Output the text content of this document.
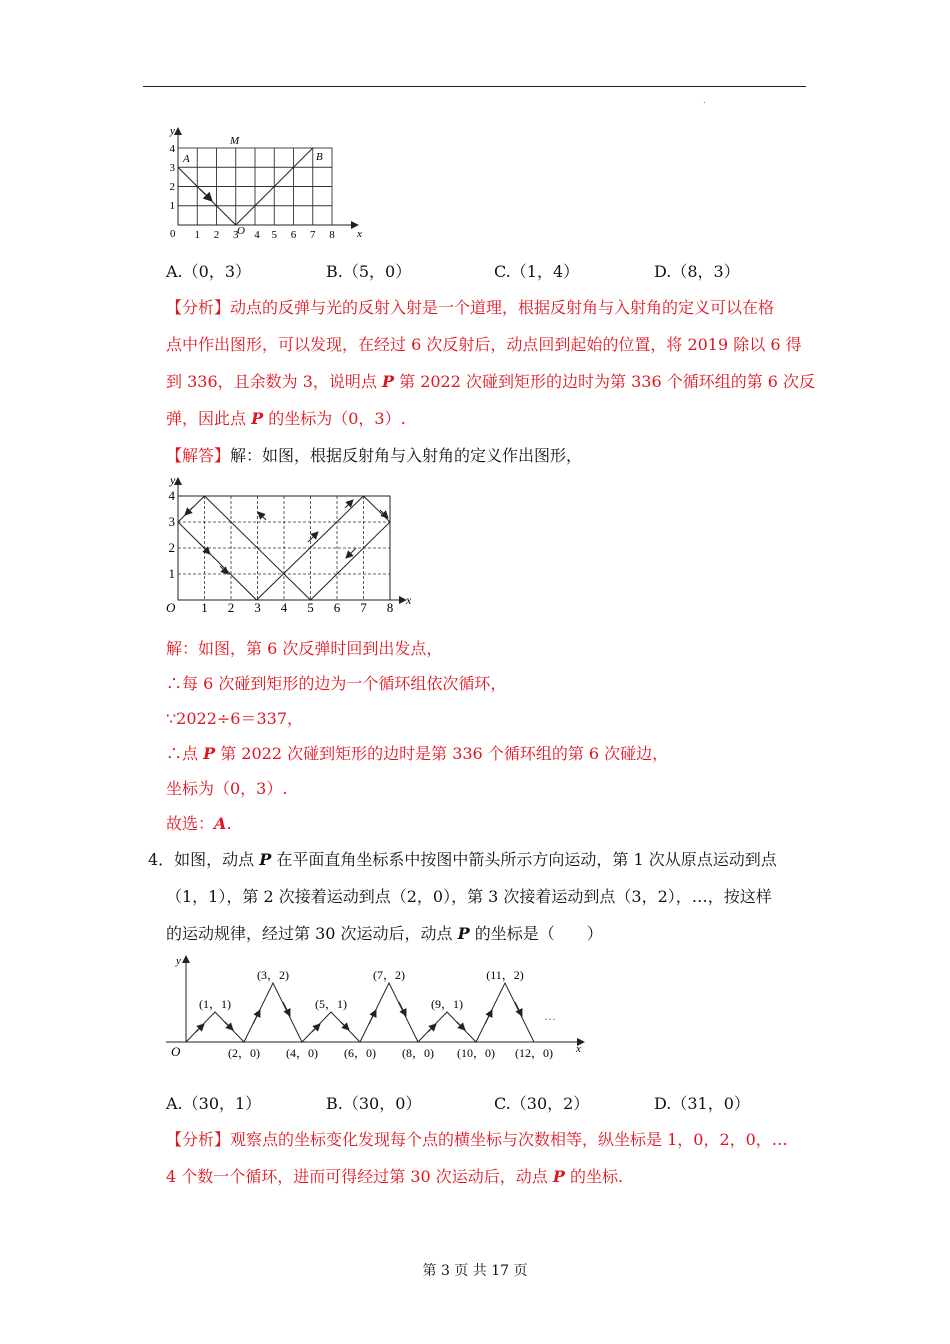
.
y
x
0	O
1 2 3 4 5 6 7 8
1
2
3
4
A	B
M
A.（0，3）	B.（5，0）	C.（1，4）	D.（8，3）
【分析】动点的反弹与光的反射入射是一个道理，根据反射角与入射角的定义可以在格
点中作出图形，可以发现，在经过 6 次反射后，动点回到起始的位置，将 2019 除以 6 得
到 336，且余数为 3，说明点 P 第 2022 次碰到矩形的边时为第 336 个循环组的第 6 次反
弹，因此点 P 的坐标为（0，3）.
【解答】解：如图，根据反射角与入射角的定义作出图形，
y
x
O 1 2 3 4 5 6 7 8
1
2
3
4
解：如图，第 6 次反弹时回到出发点，
∴每 6 次碰到矩形的边为一个循环组依次循环，
∵2022÷6＝337，
∴点 P 第 2022 次碰到矩形的边时是第 336 个循环组的第 6 次碰边，
坐标为（0，3）.
故选：A.
4．如图，动点 P 在平面直角坐标系中按图中箭头所示方向运动，第 1 次从原点运动到点
（1，1），第 2 次接着运动到点（2，0），第 3 次接着运动到点（3，2），…，按这样
的运动规律，经过第 30 次运动后，动点 P 的坐标是（　　）
y
x
O
…
(1，1)
(3，2)
(5，1)
(7，2)
(9，1)
(11，2)
(2，0) (4，0) (6，0) (8，0) (10，0) (12，0)
A.（30，1）	B.（30，0）	C.（30，2）	D.（31，0）
【分析】观察点的坐标变化发现每个点的横坐标与次数相等，纵坐标是 1，0，2，0，…
4 个数一个循环，进而可得经过第 30 次运动后，动点 P 的坐标.
第 3 页 共 17 页
